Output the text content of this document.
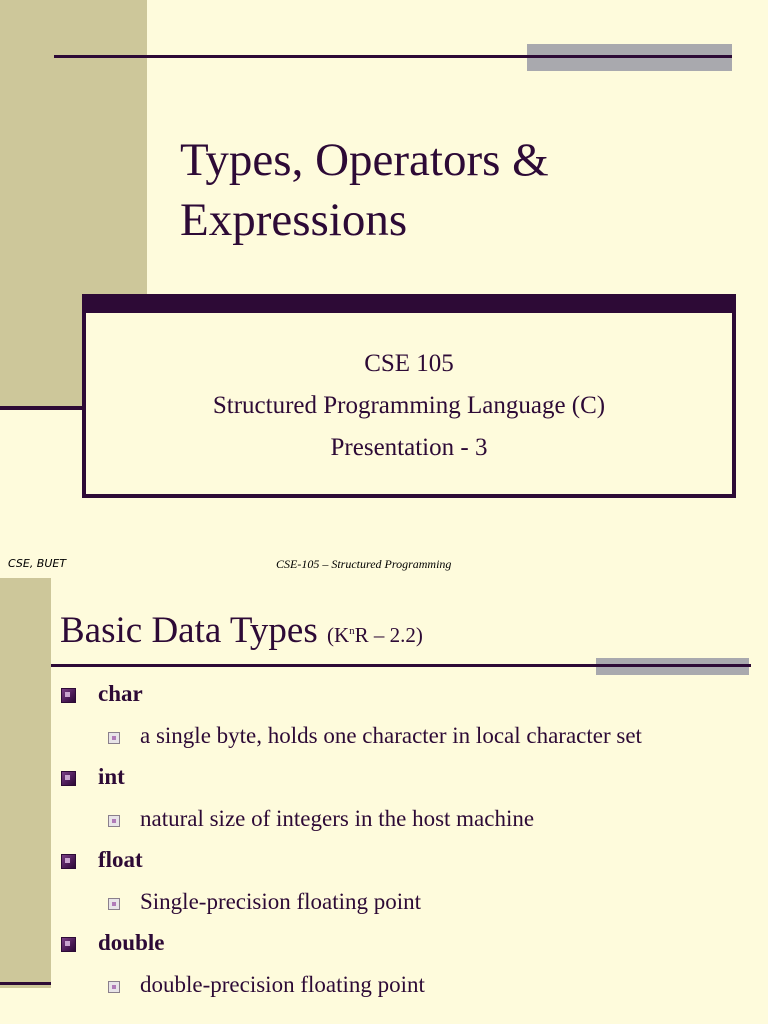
Types, Operators &
Expressions
CSE 105
Structured Programming Language (C)
Presentation - 3
CSE, BUET	CSE-105 – Structured Programming
Basic Data Types $(K^nR - 2.2)$
char
a single byte, holds one character in local character set
int
natural size of integers in the host machine
float
Single-precision floating point
double
double-precision floating point
